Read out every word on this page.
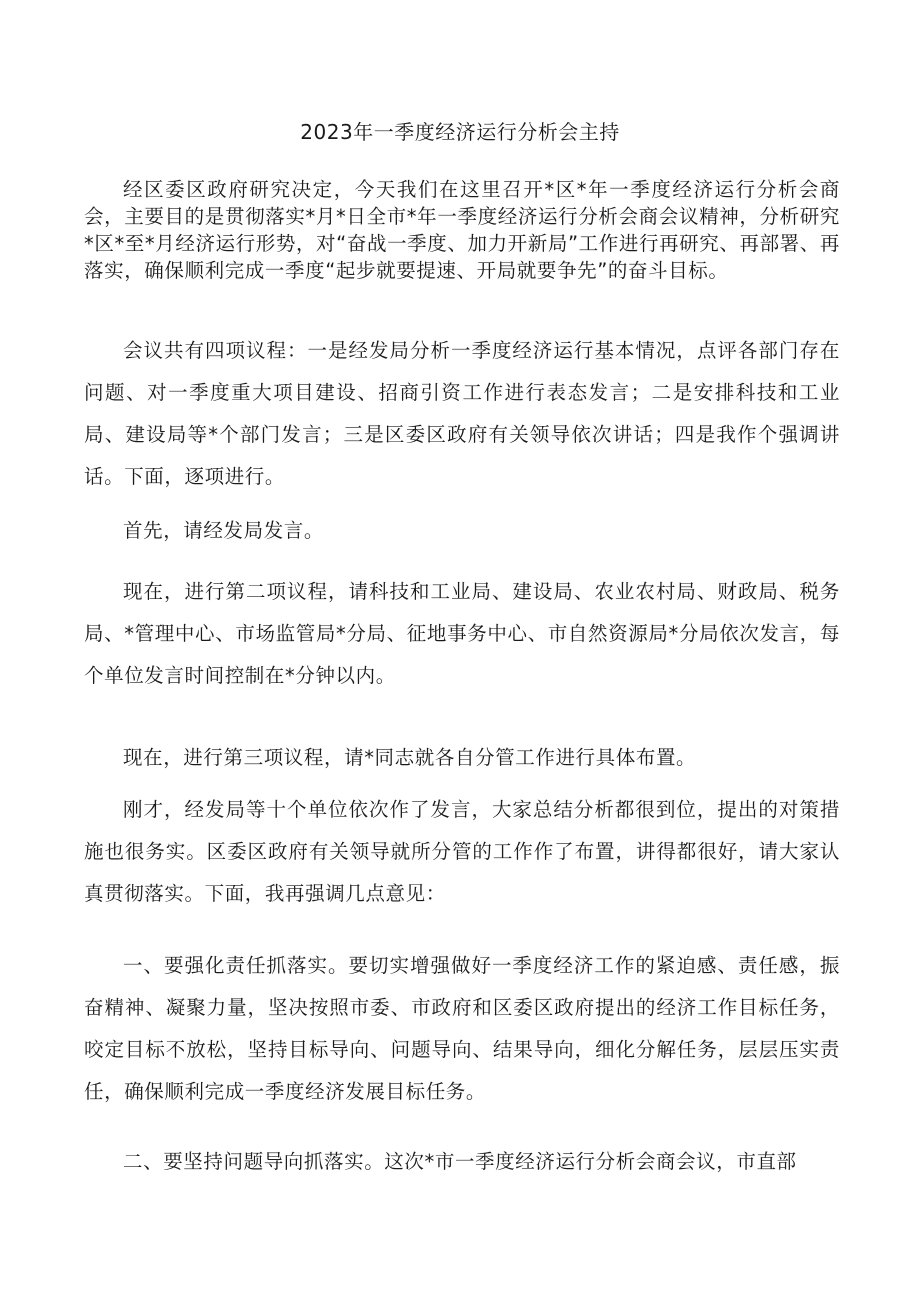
2023年一季度经济运行分析会主持

经区委区政府研究决定，今天我们在这里召开*区*年一季度经济运行分析会商会，主要目的是贯彻落实*月*日全市*年一季度经济运行分析会商会议精神，分析研究*区*至*月经济运行形势，对“奋战一季度、加力开新局”工作进行再研究、再部署、再落实，确保顺利完成一季度“起步就要提速、开局就要争先”的奋斗目标。

会议共有四项议程：一是经发局分析一季度经济运行基本情况，点评各部门存在问题、对一季度重大项目建设、招商引资工作进行表态发言；二是安排科技和工业局、建设局等*个部门发言；三是区委区政府有关领导依次讲话；四是我作个强调讲话。下面，逐项进行。

首先，请经发局发言。

现在，进行第二项议程，请科技和工业局、建设局、农业农村局、财政局、税务局、*管理中心、市场监管局*分局、征地事务中心、市自然资源局*分局依次发言，每个单位发言时间控制在*分钟以内。

现在，进行第三项议程，请*同志就各自分管工作进行具体布置。

刚才，经发局等十个单位依次作了发言，大家总结分析都很到位，提出的对策措施也很务实。区委区政府有关领导就所分管的工作作了布置，讲得都很好，请大家认真贯彻落实。下面，我再强调几点意见：

一、要强化责任抓落实。要切实增强做好一季度经济工作的紧迫感、责任感，振奋精神、凝聚力量，坚决按照市委、市政府和区委区政府提出的经济工作目标任务，咬定目标不放松，坚持目标导向、问题导向、结果导向，细化分解任务，层层压实责任，确保顺利完成一季度经济发展目标任务。

二、要坚持问题导向抓落实。这次*市一季度经济运行分析会商会议，市直部
